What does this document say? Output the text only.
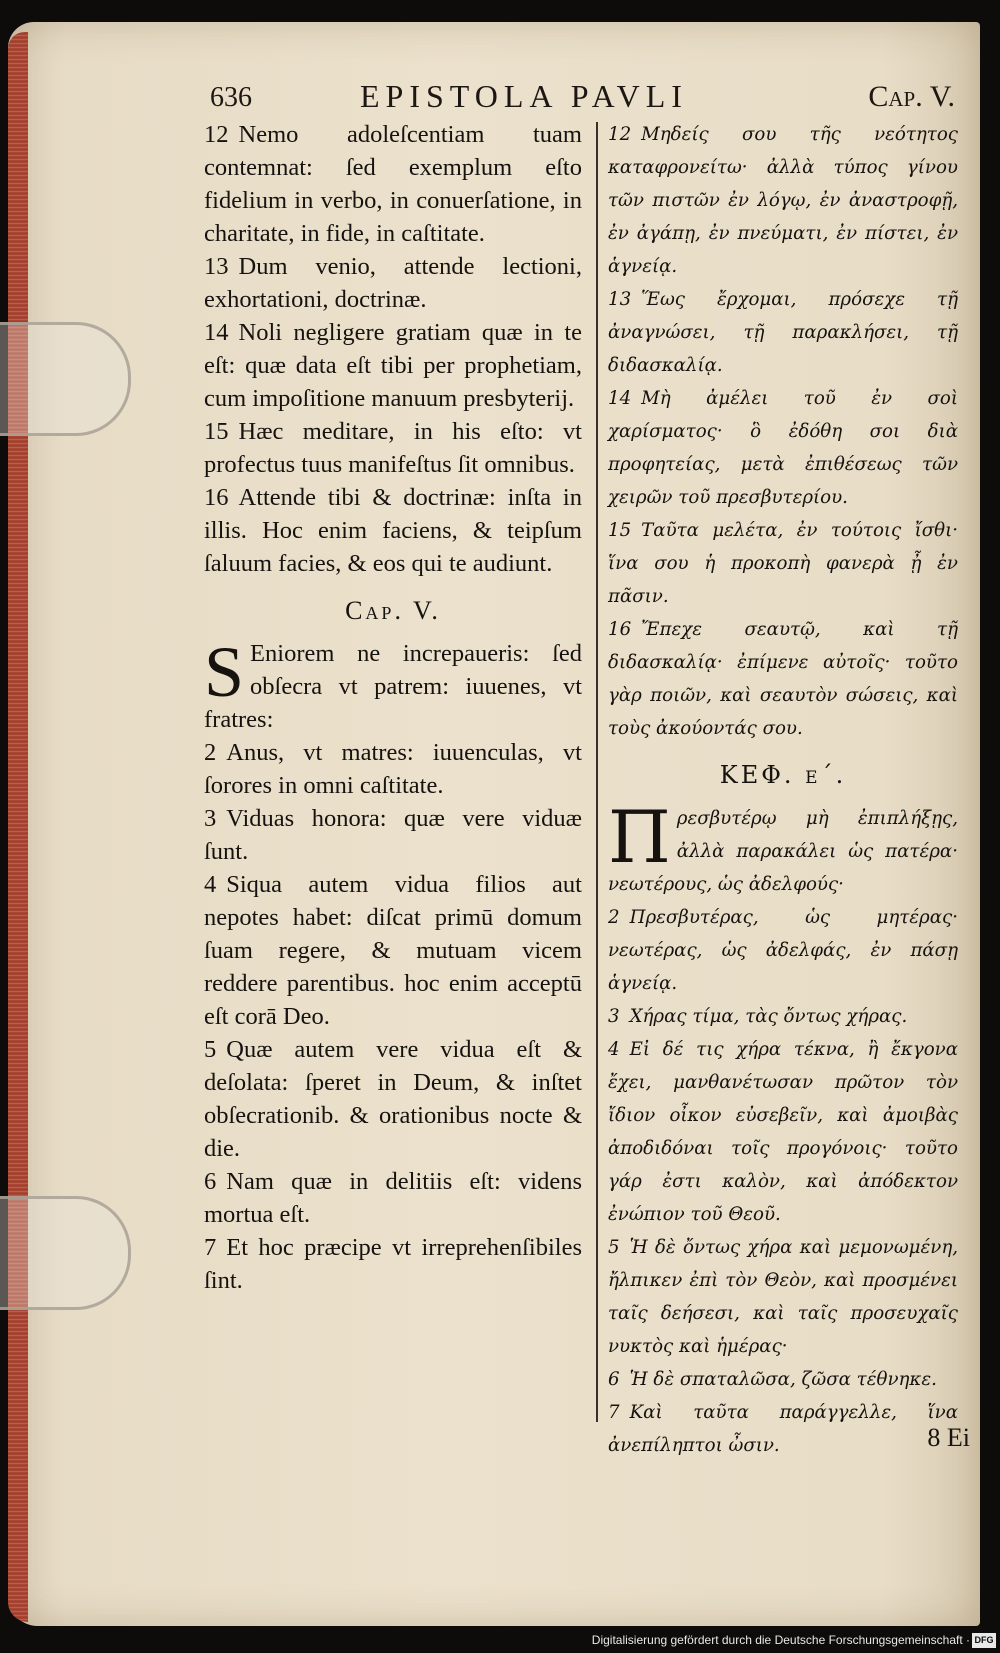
636	EPISTOLA PAVLI	Cap. V.

12 Nemo adoleſcentiam tuam contemnat: ſed exemplum eſto fidelium in verbo, in conuerſatione, in charitate, in fide, in caſtitate.

13 Dum venio, attende lectioni, exhortationi, doctrinæ.

14 Noli negligere gratiam quæ in te eſt: quæ data eſt tibi per prophetiam, cum impoſitione manuum presbyterij.

15 Hæc meditare, in his eſto: vt profectus tuus manifeſtus ſit omnibus.

16 Attende tibi & doctrinæ: inſta in illis. Hoc enim faciens, & teipſum ſaluum facies, & eos qui te audiunt.

Cap. V.

S Eniorem ne increpaueris: ſed obſecra vt patrem: iuuenes, vt fratres:

2 Anus, vt matres: iuuenculas, vt ſorores in omni caſtitate.

3 Viduas honora: quæ vere viduæ ſunt.

4 Siqua autem vidua filios aut nepotes habet: diſcat primū domum ſuam regere, & mutuam vicem reddere parentibus. hoc enim acceptū eſt corā Deo.

5 Quæ autem vere vidua eſt & deſolata: ſperet in Deum, & inſtet obſecrationib. & orationibus nocte & die.

6 Nam quæ in delitiis eſt: videns mortua eſt.

7 Et hoc præcipe vt irreprehenſibiles ſint.

12 Μηδείς σου τῆς νεότητος καταφρονείτω· ἀλλὰ τύπος γίνου τῶν πιστῶν ἐν λόγῳ, ἐν ἀναστροφῇ, ἐν ἀγάπῃ, ἐν πνεύματι, ἐν πίστει, ἐν ἁγνείᾳ.

13 Ἕως ἔρχομαι, πρόσεχε τῇ ἀναγνώσει, τῇ παρακλήσει, τῇ διδασκαλίᾳ.

14 Μὴ ἀμέλει τοῦ ἐν σοὶ χαρίσματος· ὃ ἐδόθη σοι διὰ προφητείας, μετὰ ἐπιθέσεως τῶν χειρῶν τοῦ πρεσβυτερίου.

15 Ταῦτα μελέτα, ἐν τούτοις ἴσθι· ἵνα σου ἡ προκοπὴ φανερὰ ᾖ ἐν πᾶσιν.

16 Ἔπεχε σεαυτῷ, καὶ τῇ διδασκαλίᾳ· ἐπίμενε αὐτοῖς· τοῦτο γὰρ ποιῶν, καὶ σεαυτὸν σώσεις, καὶ τοὺς ἀκούοντάς σου.

ΚΕΦ. ε΄.

Πρεσβυτέρῳ μὴ ἐπιπλήξῃς, ἀλλὰ παρακάλει ὡς πατέρα· νεωτέρους, ὡς ἀδελφούς·

2 Πρεσβυτέρας, ὡς μητέρας· νεωτέρας, ὡς ἀδελφάς, ἐν πάσῃ ἁγνείᾳ.

3 Χήρας τίμα, τὰς ὄντως χήρας.

4 Εἰ δέ τις χήρα τέκνα, ἢ ἔκγονα ἔχει, μανθανέτωσαν πρῶτον τὸν ἴδιον οἶκον εὐσεβεῖν, καὶ ἀμοιβὰς ἀποδιδόναι τοῖς προγόνοις· τοῦτο γάρ ἐστι καλὸν, καὶ ἀπόδεκτον ἐνώπιον τοῦ Θεοῦ.

5 Ἡ δὲ ὄντως χήρα καὶ μεμονωμένη, ἤλπικεν ἐπὶ τὸν Θεὸν, καὶ προσμένει ταῖς δεήσεσι, καὶ ταῖς προσευχαῖς νυκτὸς καὶ ἡμέρας·

6 Ἡ δὲ σπαταλῶσα, ζῶσα τέθνηκε.

7 Καὶ ταῦτα παράγγελλε, ἵνα ἀνεπίληπτοι ὦσιν.	8 Ei
Digitalisierung gefördert durch die Deutsche Forschungsgemeinschaft · DFG
